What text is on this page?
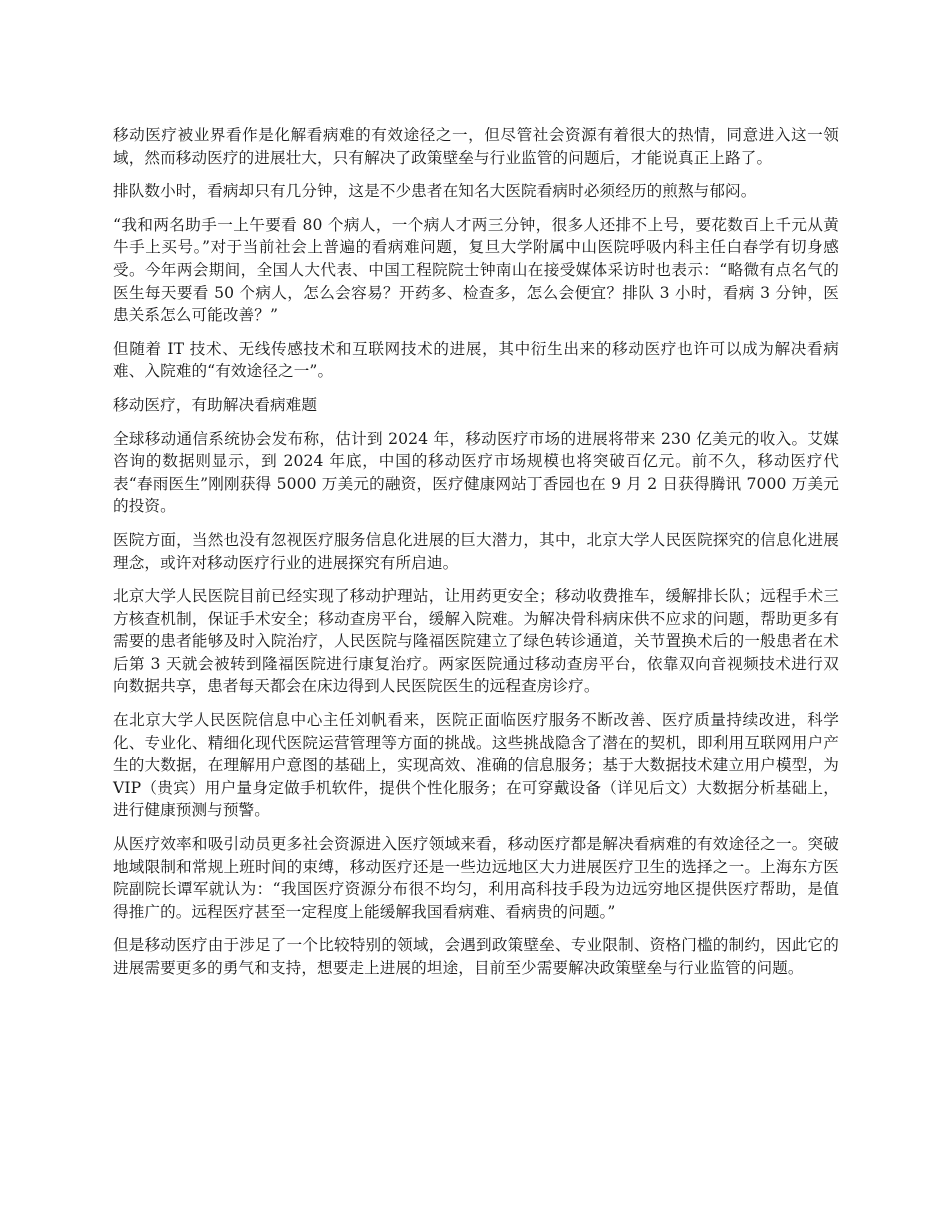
移动医疗被业界看作是化解看病难的有效途径之一，但尽管社会资源有着很大的热情，同意进入这一领域，然而移动医疗的进展壮大，只有解决了政策壁垒与行业监管的问题后，才能说真正上路了。

排队数小时，看病却只有几分钟，这是不少患者在知名大医院看病时必须经历的煎熬与郁闷。

“我和两名助手一上午要看 80 个病人，一个病人才两三分钟，很多人还排不上号，要花数百上千元从黄牛手上买号。”对于当前社会上普遍的看病难问题，复旦大学附属中山医院呼吸内科主任白春学有切身感受。今年两会期间，全国人大代表、中国工程院院士钟南山在接受媒体采访时也表示：“略微有点名气的医生每天要看 50 个病人，怎么会容易？开药多、检查多，怎么会便宜？排队 3 小时，看病 3 分钟，医患关系怎么可能改善？”

但随着 IT 技术、无线传感技术和互联网技术的进展，其中衍生出来的移动医疗也许可以成为解决看病难、入院难的“有效途径之一”。

移动医疗，有助解决看病难题

全球移动通信系统协会发布称，估计到 2024 年，移动医疗市场的进展将带来 230 亿美元的收入。艾媒咨询的数据则显示，到 2024 年底，中国的移动医疗市场规模也将突破百亿元。前不久，移动医疗代表“春雨医生”刚刚获得 5000 万美元的融资，医疗健康网站丁香园也在 9 月 2 日获得腾讯 7000 万美元的投资。

医院方面，当然也没有忽视医疗服务信息化进展的巨大潜力，其中，北京大学人民医院探究的信息化进展理念，或许对移动医疗行业的进展探究有所启迪。

北京大学人民医院目前已经实现了移动护理站，让用药更安全；移动收费推车，缓解排长队；远程手术三方核查机制，保证手术安全；移动查房平台，缓解入院难。为解决骨科病床供不应求的问题，帮助更多有需要的患者能够及时入院治疗，人民医院与隆福医院建立了绿色转诊通道，关节置换术后的一般患者在术后第 3 天就会被转到隆福医院进行康复治疗。两家医院通过移动查房平台，依靠双向音视频技术进行双向数据共享，患者每天都会在床边得到人民医院医生的远程查房诊疗。

在北京大学人民医院信息中心主任刘帆看来，医院正面临医疗服务不断改善、医疗质量持续改进，科学化、专业化、精细化现代医院运营管理等方面的挑战。这些挑战隐含了潜在的契机，即利用互联网用户产生的大数据，在理解用户意图的基础上，实现高效、准确的信息服务；基于大数据技术建立用户模型，为 VIP（贵宾）用户量身定做手机软件，提供个性化服务；在可穿戴设备（详见后文）大数据分析基础上，进行健康预测与预警。

从医疗效率和吸引动员更多社会资源进入医疗领域来看，移动医疗都是解决看病难的有效途径之一。突破地域限制和常规上班时间的束缚，移动医疗还是一些边远地区大力进展医疗卫生的选择之一。上海东方医院副院长谭军就认为：“我国医疗资源分布很不均匀，利用高科技手段为边远穷地区提供医疗帮助，是值得推广的。远程医疗甚至一定程度上能缓解我国看病难、看病贵的问题。”

但是移动医疗由于涉足了一个比较特别的领域，会遇到政策壁垒、专业限制、资格门槛的制约，因此它的进展需要更多的勇气和支持，想要走上进展的坦途，目前至少需要解决政策壁垒与行业监管的问题。
